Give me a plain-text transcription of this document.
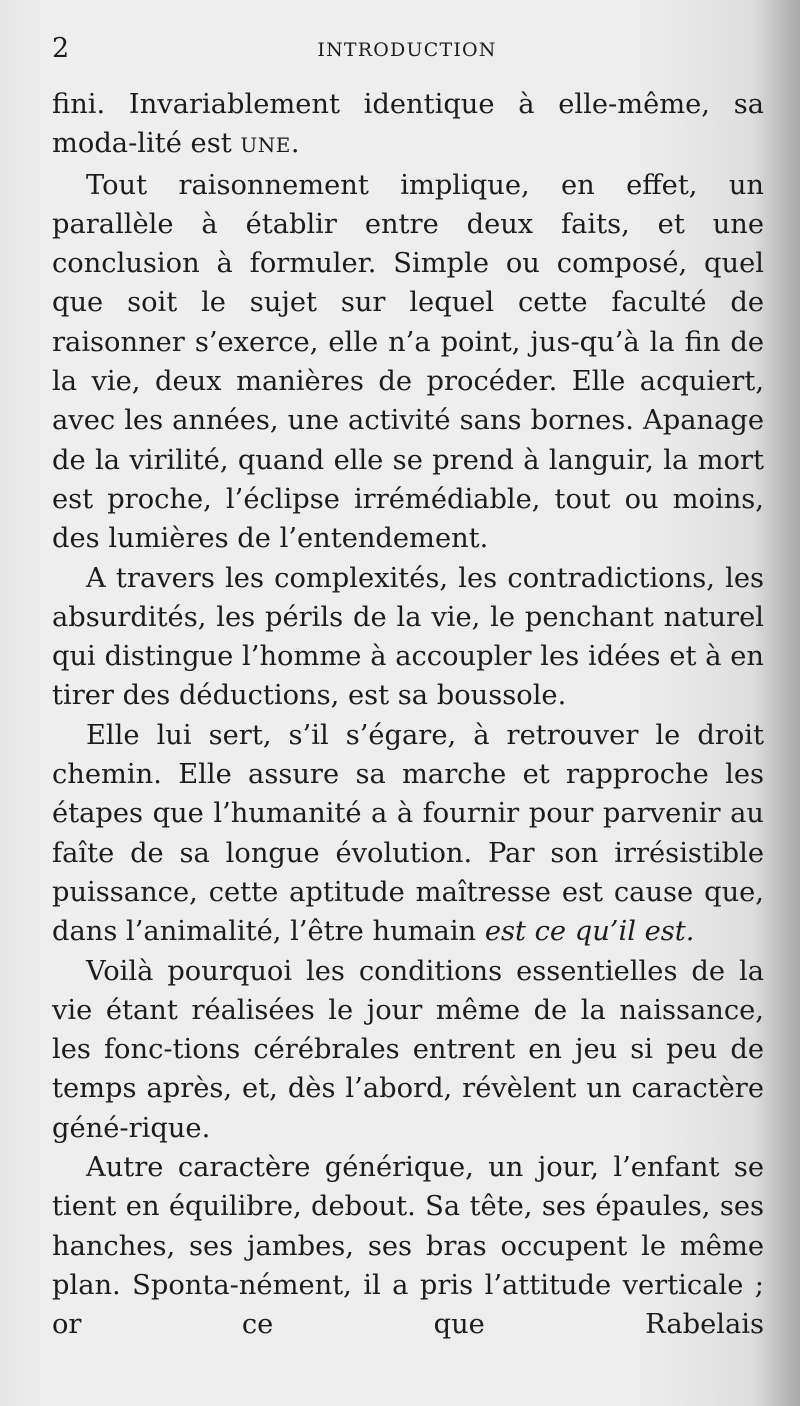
2	INTRODUCTION

fini. Invariablement identique à elle-même, sa moda-lité est UNE.

Tout raisonnement implique, en effet, un parallèle à établir entre deux faits, et une conclusion à formuler. Simple ou composé, quel que soit le sujet sur lequel cette faculté de raisonner s’exerce, elle n’a point, jus-qu’à la fin de la vie, deux manières de procéder. Elle acquiert, avec les années, une activité sans bornes. Apanage de la virilité, quand elle se prend à languir, la mort est proche, l’éclipse irrémédiable, tout ou moins, des lumières de l’entendement.

A travers les complexités, les contradictions, les absurdités, les périls de la vie, le penchant naturel qui distingue l’homme à accoupler les idées et à en tirer des déductions, est sa boussole.

Elle lui sert, s’il s’égare, à retrouver le droit chemin. Elle assure sa marche et rapproche les étapes que l’humanité a à fournir pour parvenir au faîte de sa longue évolution. Par son irrésistible puissance, cette aptitude maîtresse est cause que, dans l’animalité, l’être humain est ce qu’il est.

Voilà pourquoi les conditions essentielles de la vie étant réalisées le jour même de la naissance, les fonc-tions cérébrales entrent en jeu si peu de temps après, et, dès l’abord, révèlent un caractère géné-rique.

Autre caractère générique, un jour, l’enfant se tient en équilibre, debout. Sa tête, ses épaules, ses hanches, ses jambes, ses bras occupent le même plan. Sponta-nément, il a pris l’attitude verticale ; or ce que Rabelais
